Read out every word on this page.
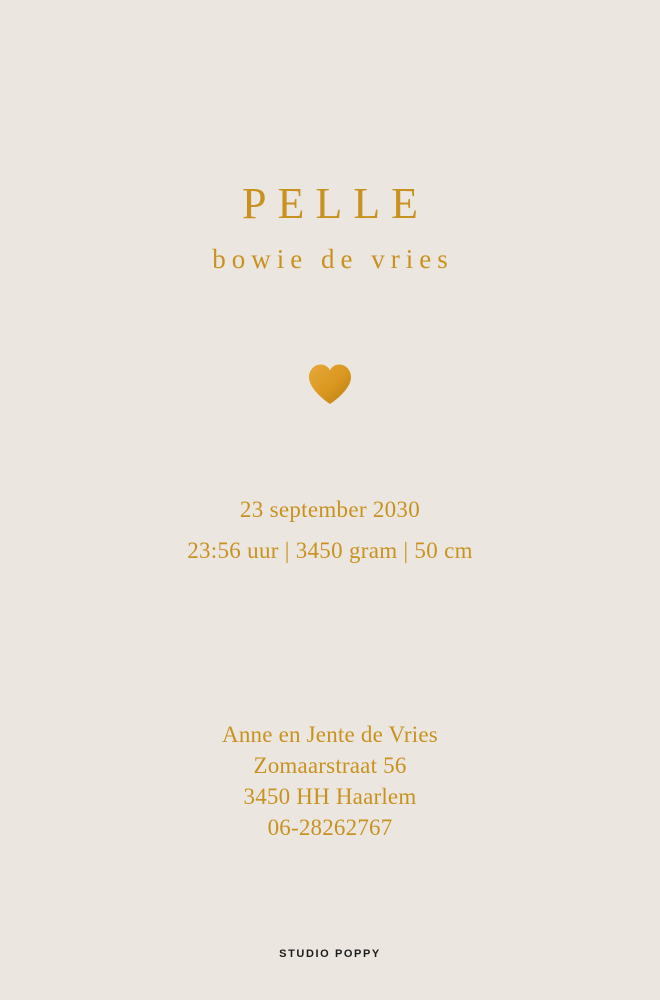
PELLE
bowie de vries
23 september 2030
23:56 uur | 3450 gram | 50 cm
Anne en Jente de Vries
Zomaarstraat 56
3450 HH Haarlem
06-28262767
STUDIO POPPY
